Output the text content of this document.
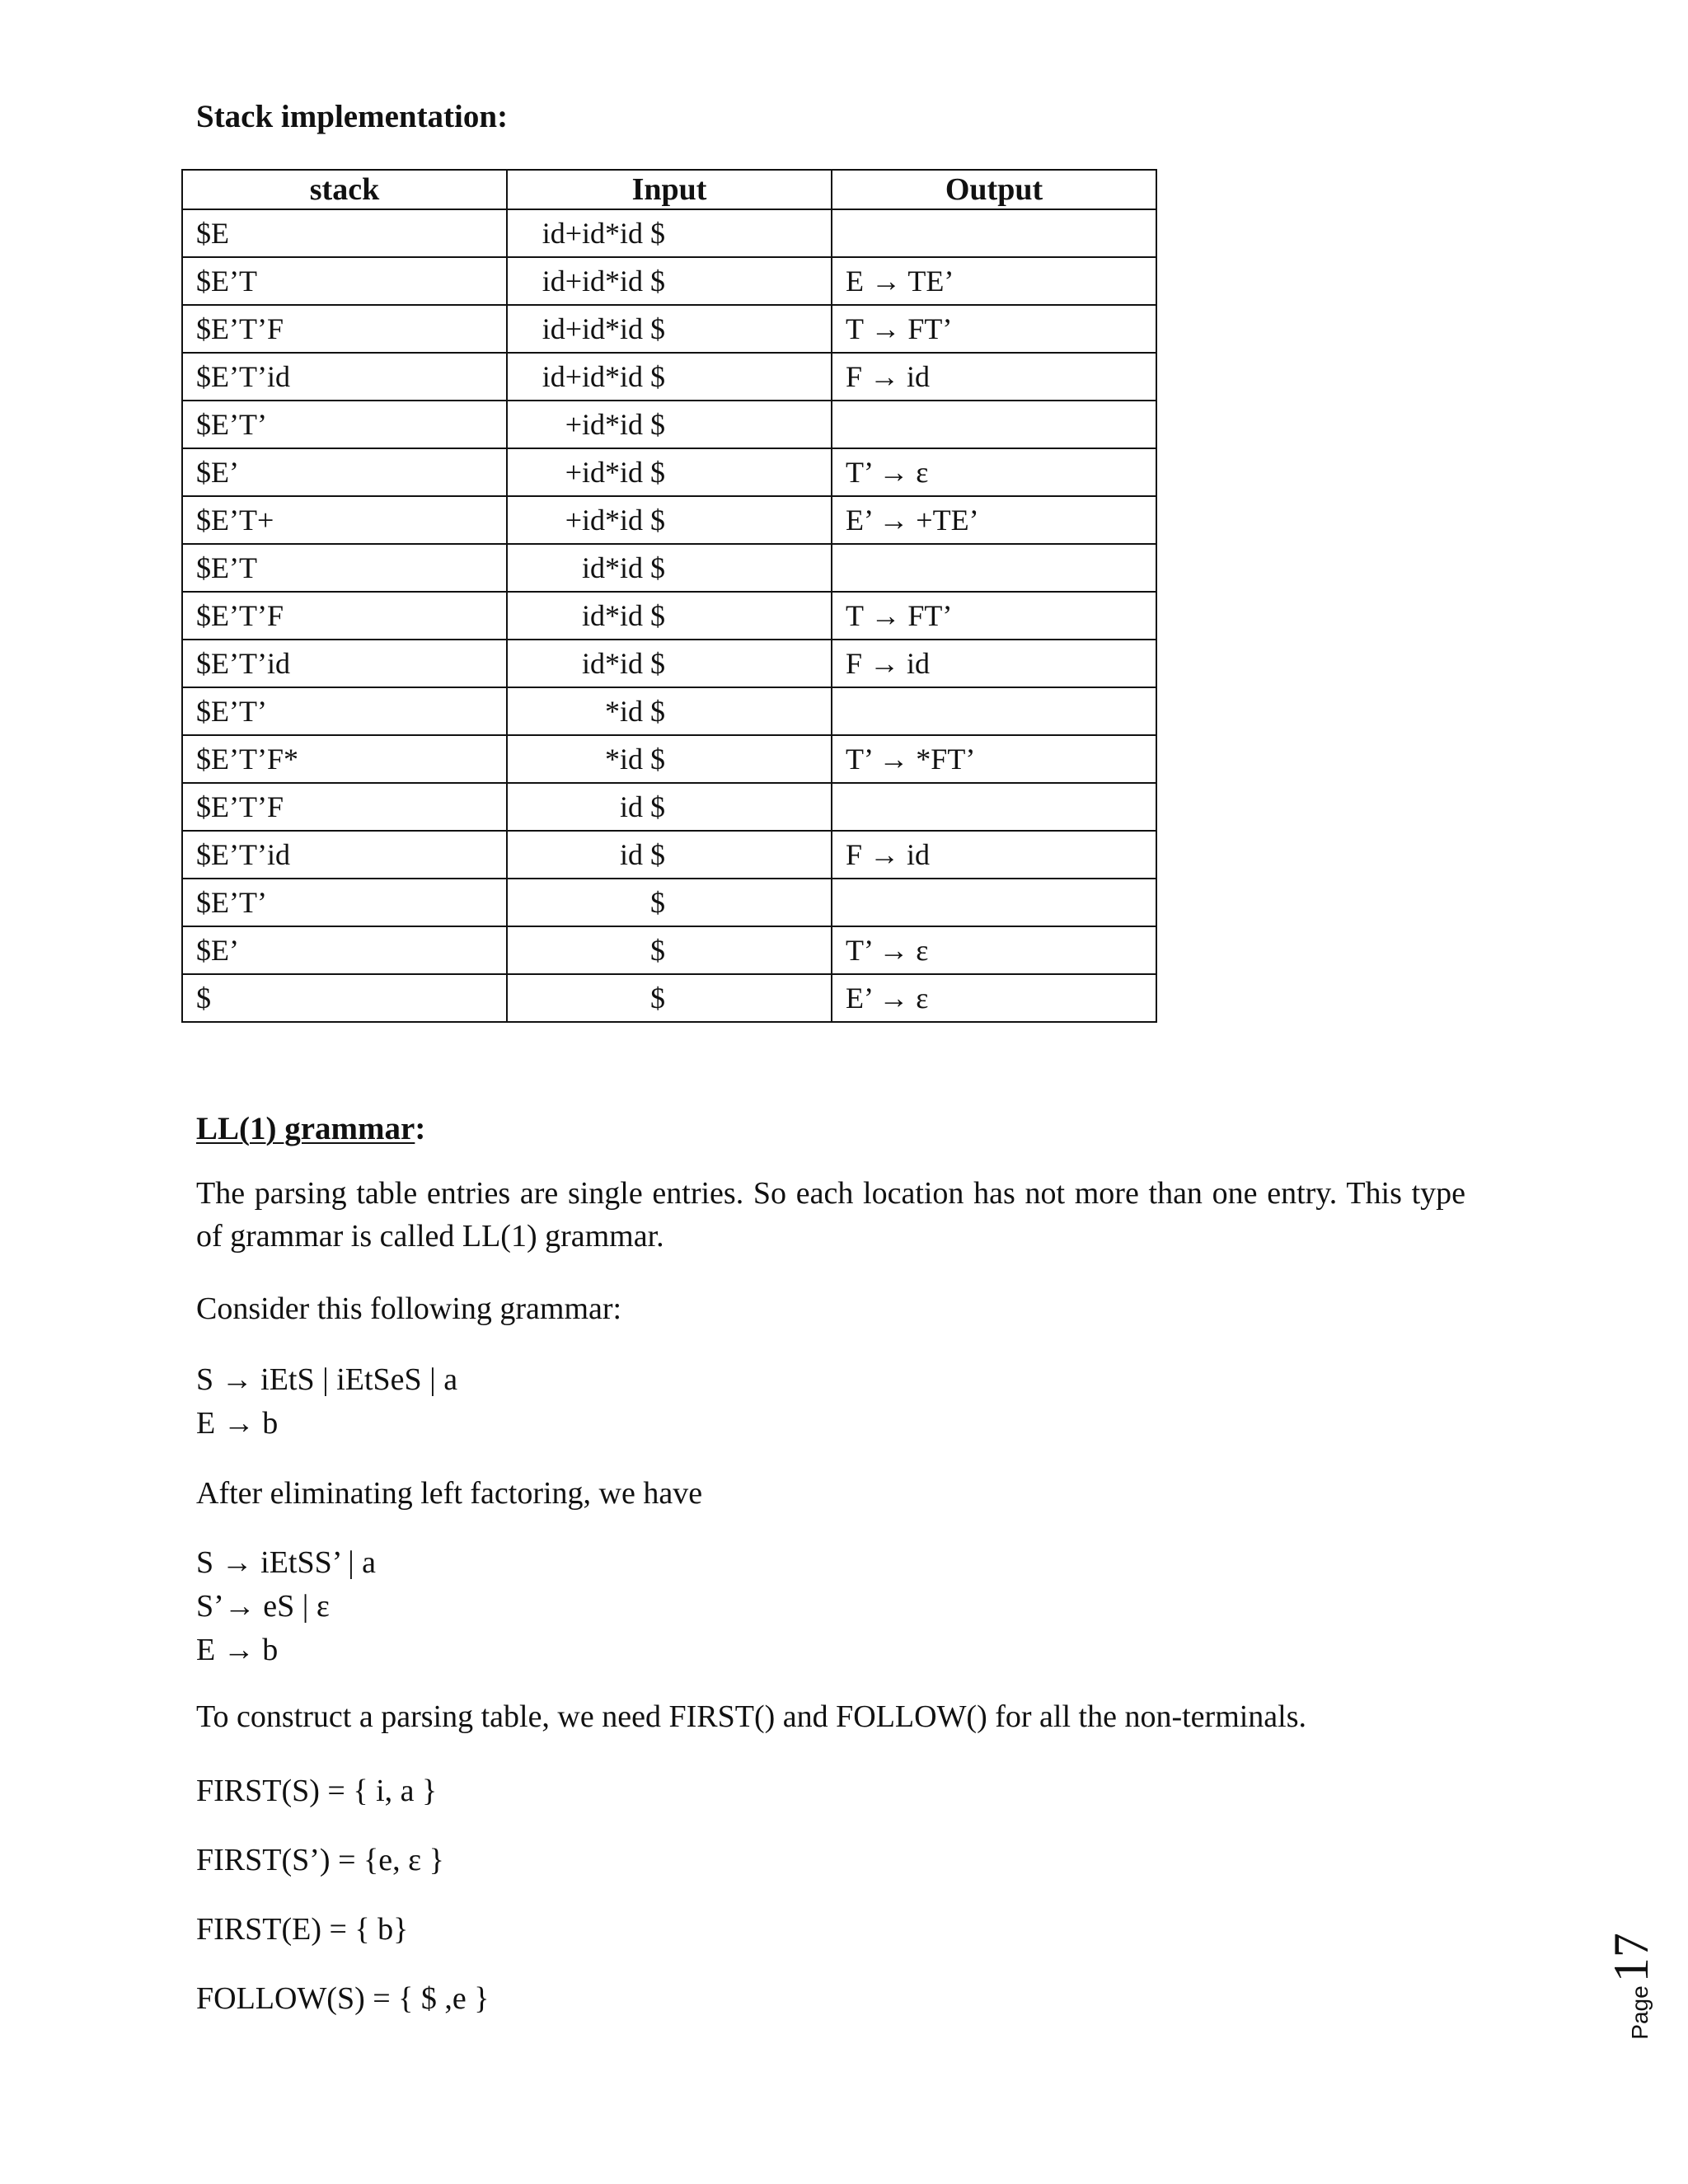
Stack implementation:
stack	Input	Output
$E	id+id*id $	
$E’T	id+id*id $	E → TE’
$E’T’F	id+id*id $	T → FT’
$E’T’id	id+id*id $	F → id
$E’T’	+id*id $	
$E’	+id*id $	T’ → ε
$E’T+	+id*id $	E’ → +TE’
$E’T	id*id $	
$E’T’F	id*id $	T → FT’
$E’T’id	id*id $	F → id
$E’T’	*id $	
$E’T’F*	*id $	T’ → *FT’
$E’T’F	id $	
$E’T’id	id $	F → id
$E’T’	$	
$E’	$	T’ → ε
$	$	E’ → ε
LL(1) grammar:
The parsing table entries are single entries. So each location has not more than one entry. This type of grammar is called LL(1) grammar.
Consider this following grammar:
S → iEtS | iEtSeS | a
E → b
After eliminating left factoring, we have
S → iEtSS’ | a
S’→ eS | ε
E → b
To construct a parsing table, we need FIRST() and FOLLOW() for all the non-terminals.
FIRST(S) = { i, a }
FIRST(S’) = {e, ε }
FIRST(E) = { b}
FOLLOW(S) = { $ ,e }	Page
17
